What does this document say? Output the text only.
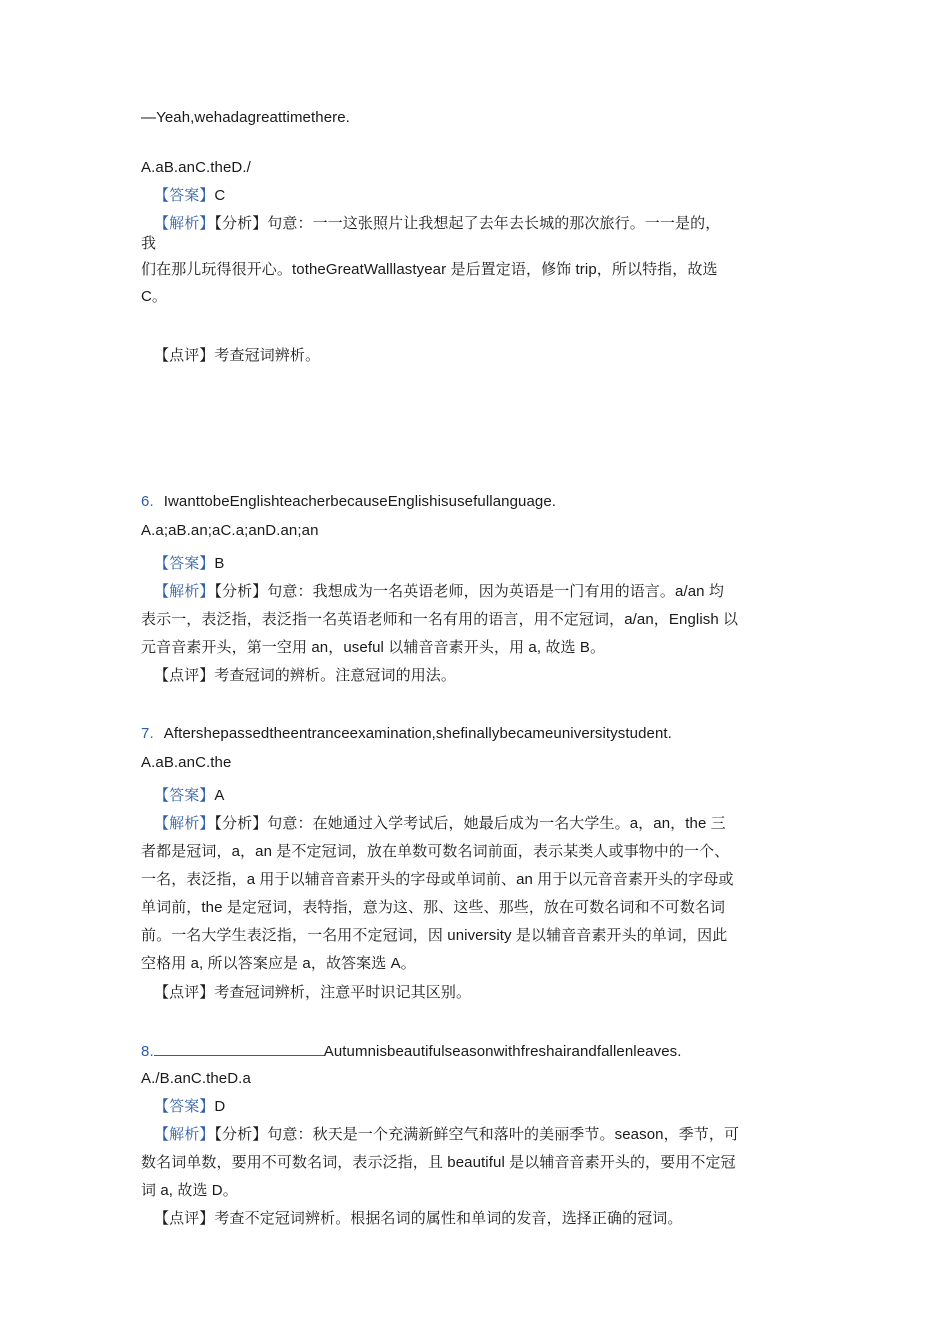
—Yeah,wehadagreattimethere.
A.aB.anC.theD./
【答案】C
【解析】【分析】句意：一一这张照片让我想起了去年去长城的那次旅行。一一是的，
我
们在那儿玩得很开心。totheGreatWalllastyear 是后置定语，修饰 trip，所以特指，故选
C。
【点评】考查冠词辨析。
6. IwanttobeEnglishteacherbecauseEnglishisusefullanguage.
A.a;aB.an;aC.a;anD.an;an
【答案】B
【解析】【分析】句意：我想成为一名英语老师，因为英语是一门有用的语言。a/an 均
表示一，表泛指，表泛指一名英语老师和一名有用的语言，用不定冠词，a/an，English 以
元音音素开头，第一空用 an，useful 以辅音音素开头，用 a, 故选 B。
【点评】考查冠词的辨析。注意冠词的用法。
7. Aftershepassedtheentranceexamination,shefinallybecameuniversitystudent.
A.aB.anC.the
【答案】A
【解析】【分析】句意：在她通过入学考试后，她最后成为一名大学生。a，an，the 三
者都是冠词，a，an 是不定冠词，放在单数可数名词前面，表示某类人或事物中的一个、
一名，表泛指，a 用于以辅音音素开头的字母或单词前、an 用于以元音音素开头的字母或
单词前，the 是定冠词，表特指，意为这、那、这些、那些，放在可数名词和不可数名词
前。一名大学生表泛指，一名用不定冠词，因 university 是以辅音音素开头的单词，因此
空格用 a, 所以答案应是 a，故答案选 A。
【点评】考查冠词辨析，注意平时识记其区别。
8.	Autumnisbeautifulseasonwithfreshairandfallenleaves.
A./B.anC.theD.a
【答案】D
【解析】【分析】句意：秋天是一个充满新鲜空气和落叶的美丽季节。season，季节，可
数名词单数，要用不可数名词，表示泛指，且 beautiful 是以辅音音素开头的，要用不定冠
词 a, 故选 D。
【点评】考查不定冠词辨析。根据名词的属性和单词的发音，选择正确的冠词。
